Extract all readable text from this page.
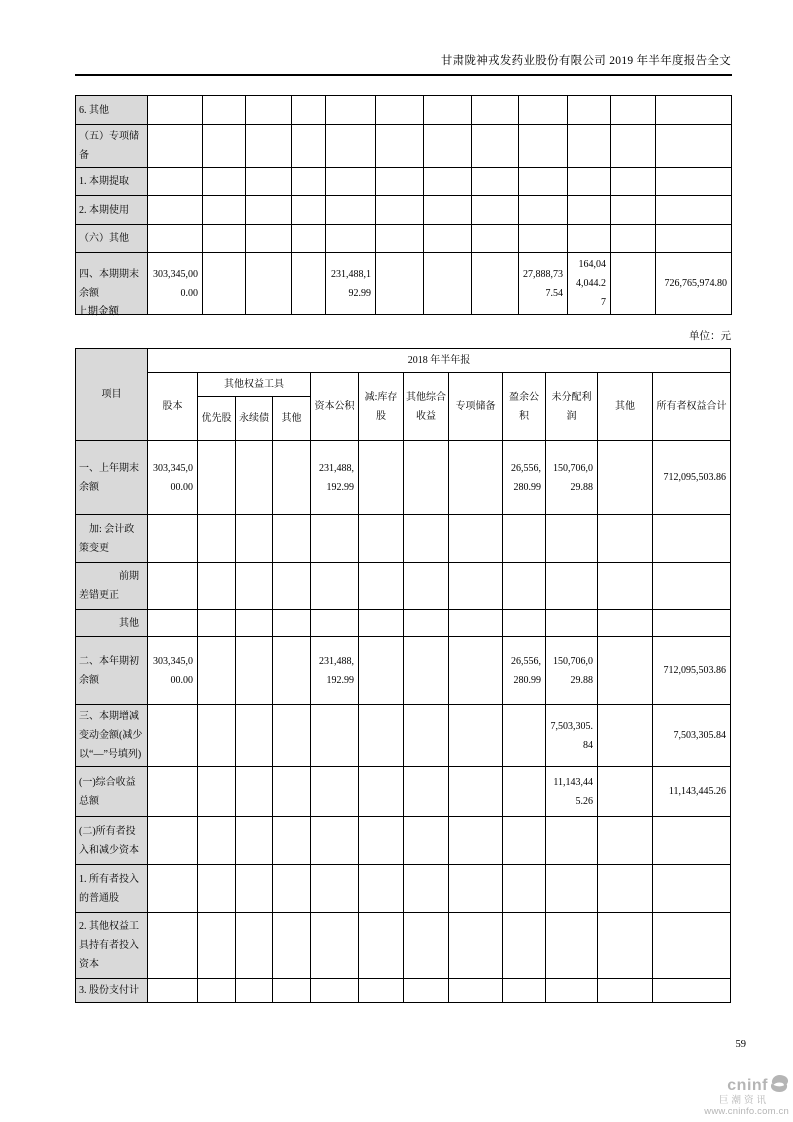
甘肃陇神戎发药业股份有限公司 2019 年半年度报告全文
6. 其他												
（五）专项储备												
1. 本期提取												
2. 本期使用												
（六）其他												
四、本期期末余额	303,345,000.00				231,488,192.99				27,888,737.54	164,044,044.27		726,765,974.80
上期金额
单位：元
项目	2018 年半年报											
	股本	其他权益工具			资本公积	减:库存股	其他综合收益	专项储备	盈余公积	未分配利润	其他	所有者权益合计
		优先股	永续债	其他								
一、上年期末余额	303,345,000.00				231,488,192.99				26,556,280.99	150,706,029.88		712,095,503.86
　加: 会计政策变更												
　　　　前期差错更正												
　　　　其他												
二、本年期初余额	303,345,000.00				231,488,192.99				26,556,280.99	150,706,029.88		712,095,503.86
三、本期增减变动金额(减少以“—”号填列)										7,503,305.84		7,503,305.84
(一)综合收益总额										11,143,445.26		11,143,445.26
(二)所有者投入和减少资本												
1. 所有者投入的普通股												
2. 其他权益工具持有者投入资本												
3. 股份支付计												
59
cninf
巨潮资讯
www.cninfo.com.cn
